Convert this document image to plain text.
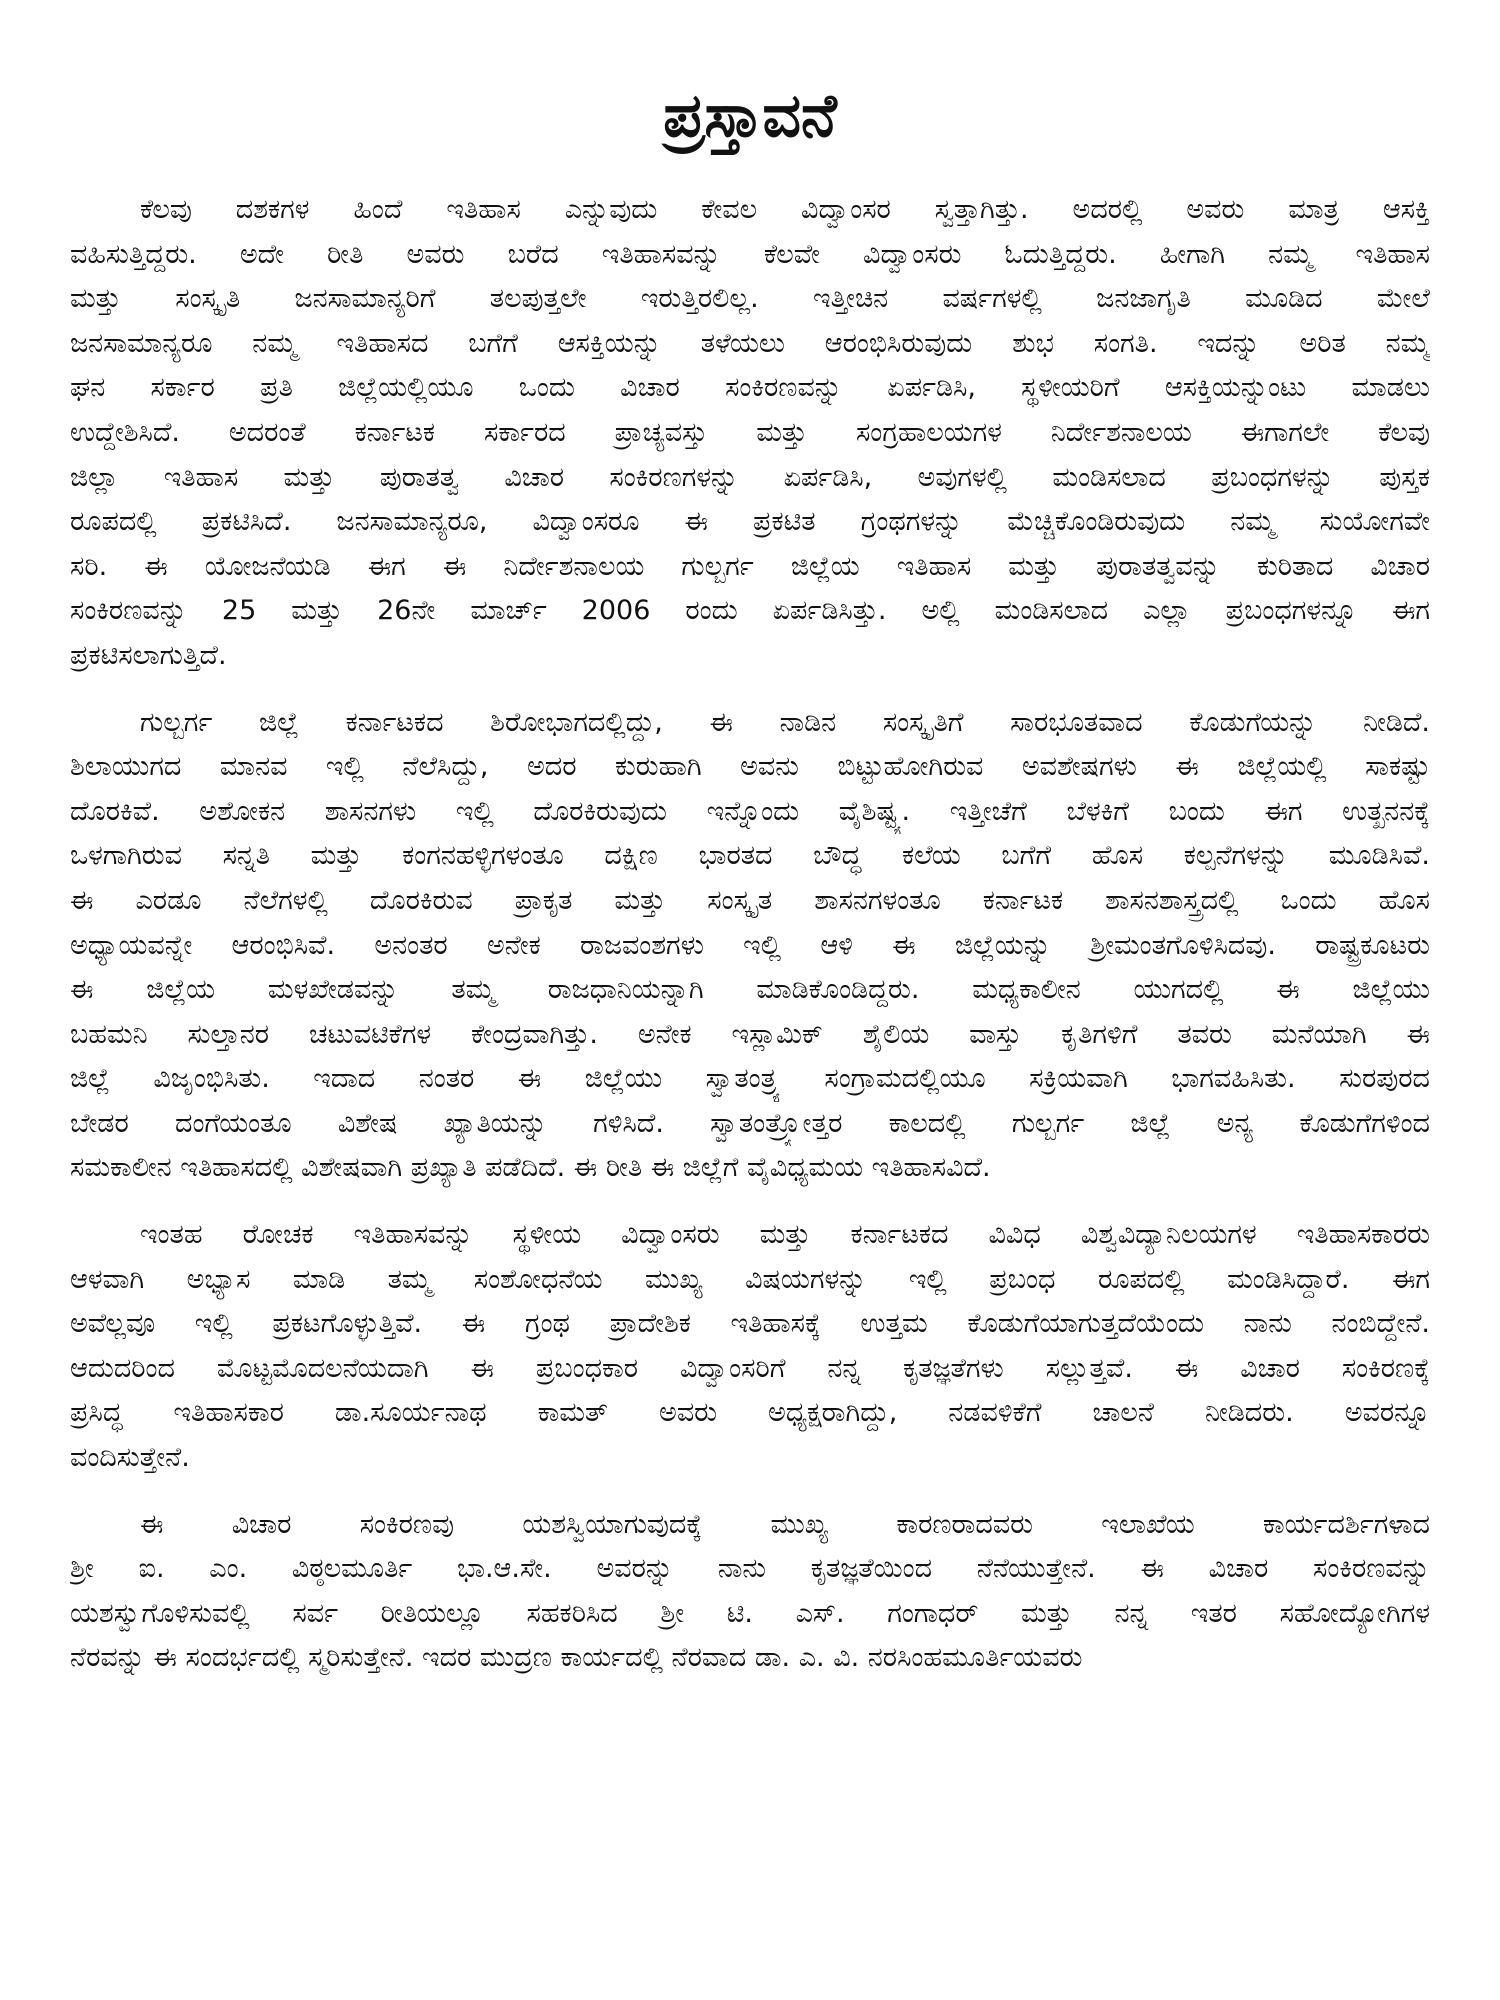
ಪ್ರಸ್ತಾವನೆ
ಕೆಲವು ದಶಕಗಳ ಹಿಂದೆ ಇತಿಹಾಸ ಎನ್ನುವುದು ಕೇವಲ ವಿದ್ವಾಂಸರ ಸ್ವತ್ತಾಗಿತ್ತು. ಅದರಲ್ಲಿ ಅವರು ಮಾತ್ರ ಆಸಕ್ತಿ
ವಹಿಸುತ್ತಿದ್ದರು. ಅದೇ ರೀತಿ ಅವರು ಬರೆದ ಇತಿಹಾಸವನ್ನು ಕೆಲವೇ ವಿದ್ವಾಂಸರು ಓದುತ್ತಿದ್ದರು. ಹೀಗಾಗಿ ನಮ್ಮ ಇತಿಹಾಸ
ಮತ್ತು ಸಂಸ್ಕೃತಿ ಜನಸಾಮಾನ್ಯರಿಗೆ ತಲಪುತ್ತಲೇ ಇರುತ್ತಿರಲಿಲ್ಲ. ಇತ್ತೀಚಿನ ವರ್ಷಗಳಲ್ಲಿ ಜನಜಾಗೃತಿ ಮೂಡಿದ ಮೇಲೆ
ಜನಸಾಮಾನ್ಯರೂ ನಮ್ಮ ಇತಿಹಾಸದ ಬಗೆಗೆ ಆಸಕ್ತಿಯನ್ನು ತಳೆಯಲು ಆರಂಭಿಸಿರುವುದು ಶುಭ ಸಂಗತಿ. ಇದನ್ನು ಅರಿತ ನಮ್ಮ
ಘನ ಸರ್ಕಾರ ಪ್ರತಿ ಜಿಲ್ಲೆಯಲ್ಲಿಯೂ ಒಂದು ವಿಚಾರ ಸಂಕಿರಣವನ್ನು ಏರ್ಪಡಿಸಿ, ಸ್ಥಳೀಯರಿಗೆ ಆಸಕ್ತಿಯನ್ನುಂಟು ಮಾಡಲು
ಉದ್ದೇಶಿಸಿದೆ. ಅದರಂತೆ ಕರ್ನಾಟಕ ಸರ್ಕಾರದ ಪ್ರಾಚ್ಯವಸ್ತು ಮತ್ತು ಸಂಗ್ರಹಾಲಯಗಳ ನಿರ್ದೇಶನಾಲಯ ಈಗಾಗಲೇ ಕೆಲವು
ಜಿಲ್ಲಾ ಇತಿಹಾಸ ಮತ್ತು ಪುರಾತತ್ವ ವಿಚಾರ ಸಂಕಿರಣಗಳನ್ನು ಏರ್ಪಡಿಸಿ, ಅವುಗಳಲ್ಲಿ ಮಂಡಿಸಲಾದ ಪ್ರಬಂಧಗಳನ್ನು ಪುಸ್ತಕ
ರೂಪದಲ್ಲಿ ಪ್ರಕಟಿಸಿದೆ. ಜನಸಾಮಾನ್ಯರೂ, ವಿದ್ವಾಂಸರೂ ಈ ಪ್ರಕಟಿತ ಗ್ರಂಥಗಳನ್ನು ಮೆಚ್ಚಿಕೊಂಡಿರುವುದು ನಮ್ಮ ಸುಯೋಗವೇ
ಸರಿ. ಈ ಯೋಜನೆಯಡಿ ಈಗ ಈ ನಿರ್ದೇಶನಾಲಯ ಗುಲ್ಬರ್ಗ ಜಿಲ್ಲೆಯ ಇತಿಹಾಸ ಮತ್ತು ಪುರಾತತ್ವವನ್ನು ಕುರಿತಾದ ವಿಚಾರ
ಸಂಕಿರಣವನ್ನು 25 ಮತ್ತು 26ನೇ ಮಾರ್ಚ್ 2006 ರಂದು ಏರ್ಪಡಿಸಿತ್ತು. ಅಲ್ಲಿ ಮಂಡಿಸಲಾದ ಎಲ್ಲಾ ಪ್ರಬಂಧಗಳನ್ನೂ ಈಗ
ಪ್ರಕಟಿಸಲಾಗುತ್ತಿದೆ.
ಗುಲ್ಬರ್ಗ ಜಿಲ್ಲೆ ಕರ್ನಾಟಕದ ಶಿರೋಭಾಗದಲ್ಲಿದ್ದು, ಈ ನಾಡಿನ ಸಂಸ್ಕೃತಿಗೆ ಸಾರಭೂತವಾದ ಕೊಡುಗೆಯನ್ನು ನೀಡಿದೆ.
ಶಿಲಾಯುಗದ ಮಾನವ ಇಲ್ಲಿ ನೆಲೆಸಿದ್ದು, ಅದರ ಕುರುಹಾಗಿ ಅವನು ಬಿಟ್ಟುಹೋಗಿರುವ ಅವಶೇಷಗಳು ಈ ಜಿಲ್ಲೆಯಲ್ಲಿ ಸಾಕಷ್ಟು
ದೊರಕಿವೆ. ಅಶೋಕನ ಶಾಸನಗಳು ಇಲ್ಲಿ ದೊರಕಿರುವುದು ಇನ್ನೊಂದು ವೈಶಿಷ್ಟ್ಯ. ಇತ್ತೀಚೆಗೆ ಬೆಳಕಿಗೆ ಬಂದು ಈಗ ಉತ್ಖನನಕ್ಕೆ
ಒಳಗಾಗಿರುವ ಸನ್ನತಿ ಮತ್ತು ಕಂಗನಹಳ್ಳಿಗಳಂತೂ ದಕ್ಷಿಣ ಭಾರತದ ಬೌದ್ಧ ಕಲೆಯ ಬಗೆಗೆ ಹೊಸ ಕಲ್ಪನೆಗಳನ್ನು ಮೂಡಿಸಿವೆ.
ಈ ಎರಡೂ ನೆಲೆಗಳಲ್ಲಿ ದೊರಕಿರುವ ಪ್ರಾಕೃತ ಮತ್ತು ಸಂಸ್ಕೃತ ಶಾಸನಗಳಂತೂ ಕರ್ನಾಟಕ ಶಾಸನಶಾಸ್ತ್ರದಲ್ಲಿ ಒಂದು ಹೊಸ
ಅಧ್ಯಾಯವನ್ನೇ ಆರಂಭಿಸಿವೆ. ಅನಂತರ ಅನೇಕ ರಾಜವಂಶಗಳು ಇಲ್ಲಿ ಆಳಿ ಈ ಜಿಲ್ಲೆಯನ್ನು ಶ್ರೀಮಂತಗೊಳಿಸಿದವು. ರಾಷ್ಟ್ರಕೂಟರು
ಈ ಜಿಲ್ಲೆಯ ಮಳಖೇಡವನ್ನು ತಮ್ಮ ರಾಜಧಾನಿಯನ್ನಾಗಿ ಮಾಡಿಕೊಂಡಿದ್ದರು. ಮಧ್ಯಕಾಲೀನ ಯುಗದಲ್ಲಿ ಈ ಜಿಲ್ಲೆಯು
ಬಹಮನಿ ಸುಲ್ತಾನರ ಚಟುವಟಿಕೆಗಳ ಕೇಂದ್ರವಾಗಿತ್ತು. ಅನೇಕ ಇಸ್ಲಾಮಿಕ್ ಶೈಲಿಯ ವಾಸ್ತು ಕೃತಿಗಳಿಗೆ ತವರು ಮನೆಯಾಗಿ ಈ
ಜಿಲ್ಲೆ ವಿಜೃಂಭಿಸಿತು. ಇದಾದ ನಂತರ ಈ ಜಿಲ್ಲೆಯು ಸ್ವಾತಂತ್ರ್ಯ ಸಂಗ್ರಾಮದಲ್ಲಿಯೂ ಸಕ್ರಿಯವಾಗಿ ಭಾಗವಹಿಸಿತು. ಸುರಪುರದ
ಬೇಡರ ದಂಗೆಯಂತೂ ವಿಶೇಷ ಖ್ಯಾತಿಯನ್ನು ಗಳಿಸಿದೆ. ಸ್ವಾತಂತ್ರ್ಯೋತ್ತರ ಕಾಲದಲ್ಲಿ ಗುಲ್ಬರ್ಗ ಜಿಲ್ಲೆ ಅನ್ಯ ಕೊಡುಗೆಗಳಿಂದ
ಸಮಕಾಲೀನ ಇತಿಹಾಸದಲ್ಲಿ ವಿಶೇಷವಾಗಿ ಪ್ರಖ್ಯಾತಿ ಪಡೆದಿದೆ. ಈ ರೀತಿ ಈ ಜಿಲ್ಲೆಗೆ ವೈವಿಧ್ಯಮಯ ಇತಿಹಾಸವಿದೆ.
ಇಂತಹ ರೋಚಕ ಇತಿಹಾಸವನ್ನು ಸ್ಥಳೀಯ ವಿದ್ವಾಂಸರು ಮತ್ತು ಕರ್ನಾಟಕದ ವಿವಿಧ ವಿಶ್ವವಿದ್ಯಾನಿಲಯಗಳ ಇತಿಹಾಸಕಾರರು
ಆಳವಾಗಿ ಅಭ್ಯಾಸ ಮಾಡಿ ತಮ್ಮ ಸಂಶೋಧನೆಯ ಮುಖ್ಯ ವಿಷಯಗಳನ್ನು ಇಲ್ಲಿ ಪ್ರಬಂಧ ರೂಪದಲ್ಲಿ ಮಂಡಿಸಿದ್ದಾರೆ. ಈಗ
ಅವೆಲ್ಲವೂ ಇಲ್ಲಿ ಪ್ರಕಟಗೊಳ್ಳುತ್ತಿವೆ. ಈ ಗ್ರಂಥ ಪ್ರಾದೇಶಿಕ ಇತಿಹಾಸಕ್ಕೆ ಉತ್ತಮ ಕೊಡುಗೆಯಾಗುತ್ತದೆಯೆಂದು ನಾನು ನಂಬಿದ್ದೇನೆ.
ಆದುದರಿಂದ ಮೊಟ್ಟಮೊದಲನೆಯದಾಗಿ ಈ ಪ್ರಬಂಧಕಾರ ವಿದ್ವಾಂಸರಿಗೆ ನನ್ನ ಕೃತಜ್ಞತೆಗಳು ಸಲ್ಲುತ್ತವೆ. ಈ ವಿಚಾರ ಸಂಕಿರಣಕ್ಕೆ
ಪ್ರಸಿದ್ಧ ಇತಿಹಾಸಕಾರ ಡಾ.ಸೂರ್ಯನಾಥ ಕಾಮತ್ ಅವರು ಅಧ್ಯಕ್ಷರಾಗಿದ್ದು, ನಡವಳಿಕೆಗೆ ಚಾಲನೆ ನೀಡಿದರು. ಅವರನ್ನೂ
ವಂದಿಸುತ್ತೇನೆ.
ಈ ವಿಚಾರ ಸಂಕಿರಣವು ಯಶಸ್ವಿಯಾಗುವುದಕ್ಕೆ ಮುಖ್ಯ ಕಾರಣರಾದವರು ಇಲಾಖೆಯ ಕಾರ್ಯದರ್ಶಿಗಳಾದ
ಶ್ರೀ ಐ. ಎಂ. ವಿಠ್ಠಲಮೂರ್ತಿ ಭಾ.ಆ.ಸೇ. ಅವರನ್ನು ನಾನು ಕೃತಜ್ಞತೆಯಿಂದ ನೆನೆಯುತ್ತೇನೆ. ಈ ವಿಚಾರ ಸಂಕಿರಣವನ್ನು
ಯಶಸ್ವುಗೊಳಿಸುವಲ್ಲಿ ಸರ್ವ ರೀತಿಯಲ್ಲೂ ಸಹಕರಿಸಿದ ಶ್ರೀ ಟಿ. ಎಸ್. ಗಂಗಾಧರ್ ಮತ್ತು ನನ್ನ ಇತರ ಸಹೋದ್ಯೋಗಿಗಳ
ನೆರವನ್ನು ಈ ಸಂದರ್ಭದಲ್ಲಿ ಸ್ಮರಿಸುತ್ತೇನೆ. ಇದರ ಮುದ್ರಣ ಕಾರ್ಯದಲ್ಲಿ ನೆರವಾದ ಡಾ. ಎ. ವಿ. ನರಸಿಂಹಮೂರ್ತಿಯವರು
